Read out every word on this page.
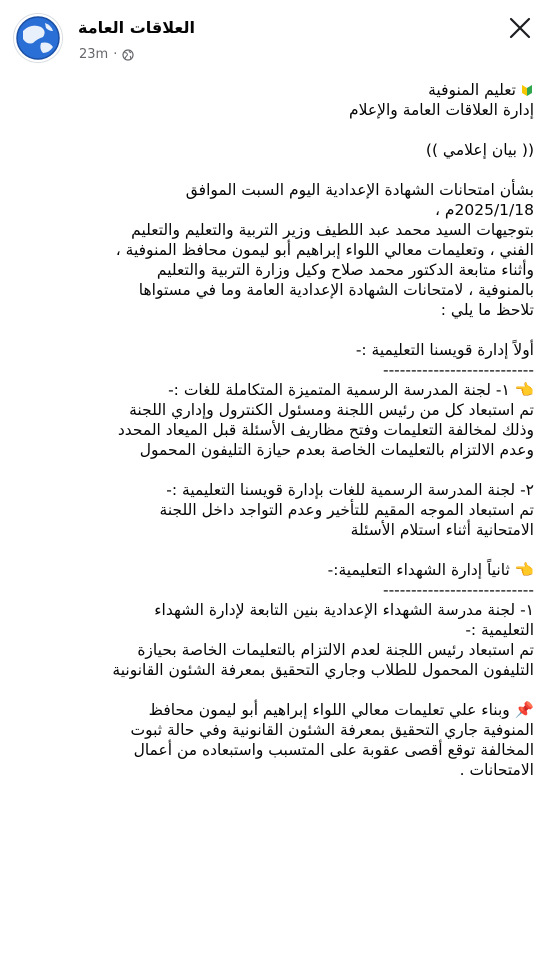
العلاقات العامة
23m ·
تعليم المنوفية
إدارة العلاقات العامة والإعلام
(( بيان إعلامي ))
بشأن امتحانات الشهادة الإعدادية اليوم السبت الموافق
2025/1/18م ،
بتوجيهات السيد محمد عبد اللطيف وزير التربية والتعليم والتعليم
الفني ، وتعليمات معالي اللواء إبراهيم أبو ليمون محافظ المنوفية ،
وأثناء متابعة الدكتور محمد صلاح وكيل وزارة التربية والتعليم
بالمنوفية ، لامتحانات الشهادة الإعدادية العامة وما في مستواها
تلاحظ ما يلي :
أولاً إدارة قويسنا التعليمية :-
---------------------------
👈 ١- لجنة المدرسة الرسمية المتميزة المتكاملة للغات :-
تم استبعاد كل من رئيس اللجنة ومسئول الكنترول وإداري اللجنة
وذلك لمخالفة التعليمات وفتح مظاريف الأسئلة قبل الميعاد المحدد
وعدم الالتزام بالتعليمات الخاصة بعدم حيازة التليفون المحمول
٢- لجنة المدرسة الرسمية للغات بإدارة قويسنا التعليمية :-
تم استبعاد الموجه المقيم للتأخير وعدم التواجد داخل اللجنة
الامتحانية أثناء استلام الأسئلة
👈 ثانياً إدارة الشهداء التعليمية:-
---------------------------
١- لجنة مدرسة الشهداء الإعدادية بنين التابعة لإدارة الشهداء
التعليمية :-
تم استبعاد رئيس اللجنة لعدم الالتزام بالتعليمات الخاصة بحيازة
التليفون المحمول للطلاب وجاري التحقيق بمعرفة الشئون القانونية
📌 وبناء علي تعليمات معالي اللواء إبراهيم أبو ليمون محافظ
المنوفية جاري التحقيق بمعرفة الشئون القانونية وفي حالة ثبوت
المخالفة توقع أقصى عقوبة على المتسبب واستبعاده من أعمال
الامتحانات .
